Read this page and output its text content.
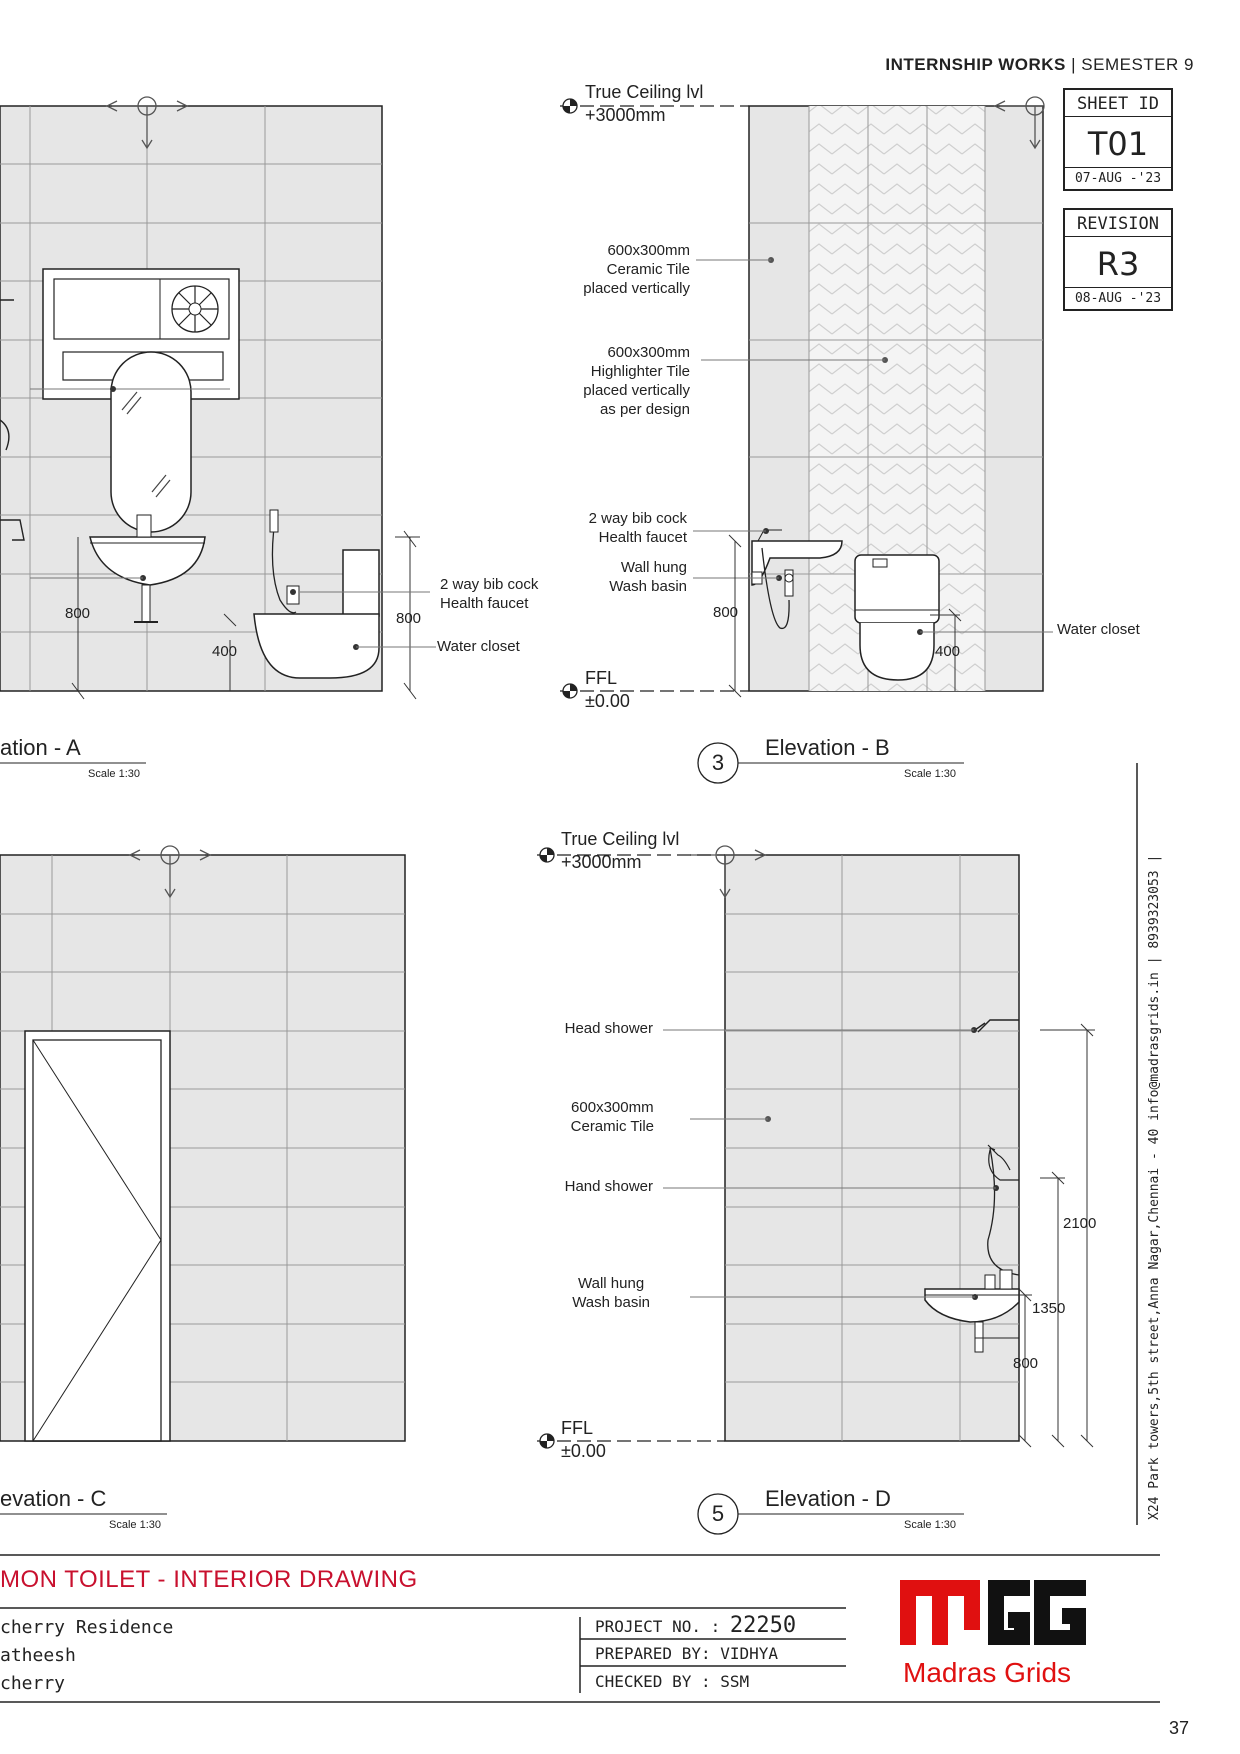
INTERNSHIP WORKS | SEMESTER 9
SHEET ID
T01
07-AUG -'23
REVISION
R3
08-AUG -'23
True Ceiling lvl
+3000mm
FFL
±0.00
600x300mm
Ceramic Tile
placed vertically
600x300mm
Highlighter Tile
placed vertically
as per design
2 way bib cock
Health faucet
Wall hung
Wash basin
Water closet
800
400
2 way bib cock
Health faucet
Water closet
800	800
400
ation - A
Scale 1:30	3
Elevation - B
Scale 1:30
True Ceiling lvl
+3000mm
FFL
±0.00
Head shower
600x300mm
Ceramic Tile
Hand shower
Wall hung
Wash basin
2100
1350
800
evation - C
Scale 1:30	5
Elevation - D
Scale 1:30
X24 Park towers,5th street,Anna Nagar,Chennai - 40 info@madrasgrids.in | 8939323053 |
MON TOILET - INTERIOR DRAWING
cherry Residence
atheesh
cherry
PROJECT NO. : 22250
PREPARED BY: VIDHYA
CHECKED BY : SSM	Madras Grids
37
